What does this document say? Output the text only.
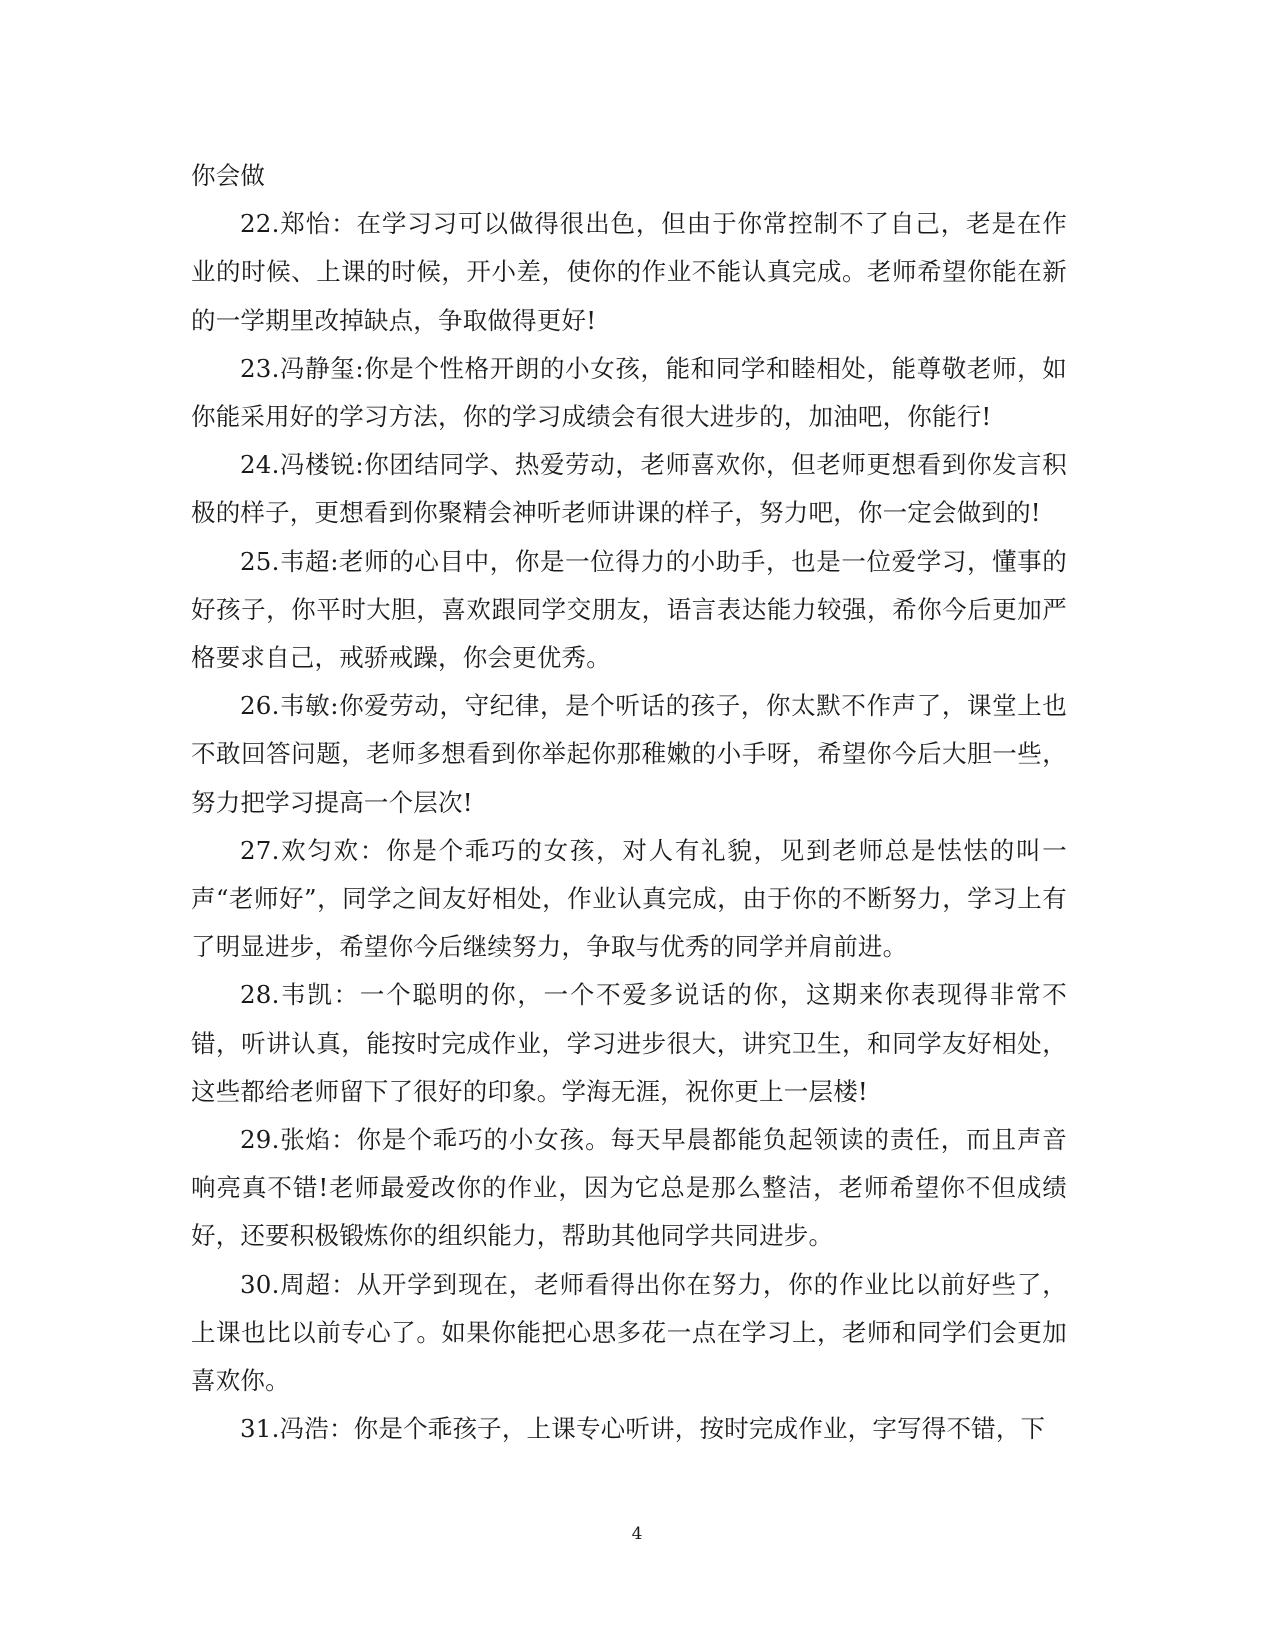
你会做

22.郑怡：在学习习可以做得很出色，但由于你常控制不了自己，老是在作业的时候、上课的时候，开小差，使你的作业不能认真完成。老师希望你能在新的一学期里改掉缺点，争取做得更好!

23.冯静玺:你是个性格开朗的小女孩，能和同学和睦相处，能尊敬老师，如你能采用好的学习方法，你的学习成绩会有很大进步的，加油吧，你能行!

24.冯楼锐:你团结同学、热爱劳动，老师喜欢你，但老师更想看到你发言积极的样子，更想看到你聚精会神听老师讲课的样子，努力吧，你一定会做到的!

25.韦超:老师的心目中，你是一位得力的小助手，也是一位爱学习，懂事的好孩子，你平时大胆，喜欢跟同学交朋友，语言表达能力较强，希你今后更加严格要求自己，戒骄戒躁，你会更优秀。

26.韦敏:你爱劳动，守纪律，是个听话的孩子，你太默不作声了，课堂上也不敢回答问题，老师多想看到你举起你那稚嫩的小手呀，希望你今后大胆一些，努力把学习提高一个层次!

27.欢匀欢：你是个乖巧的女孩，对人有礼貌，见到老师总是怯怯的叫一声“老师好”，同学之间友好相处，作业认真完成，由于你的不断努力，学习上有了明显进步，希望你今后继续努力，争取与优秀的同学并肩前进。

28.韦凯：一个聪明的你，一个不爱多说话的你，这期来你表现得非常不错，听讲认真，能按时完成作业，学习进步很大，讲究卫生，和同学友好相处，这些都给老师留下了很好的印象。学海无涯，祝你更上一层楼!

29.张焰：你是个乖巧的小女孩。每天早晨都能负起领读的责任，而且声音响亮真不错!老师最爱改你的作业，因为它总是那么整洁，老师希望你不但成绩好，还要积极锻炼你的组织能力，帮助其他同学共同进步。

30.周超：从开学到现在，老师看得出你在努力，你的作业比以前好些了，上课也比以前专心了。如果你能把心思多花一点在学习上，老师和同学们会更加喜欢你。

31.冯浩：你是个乖孩子，上课专心听讲，按时完成作业，字写得不错，下

4
